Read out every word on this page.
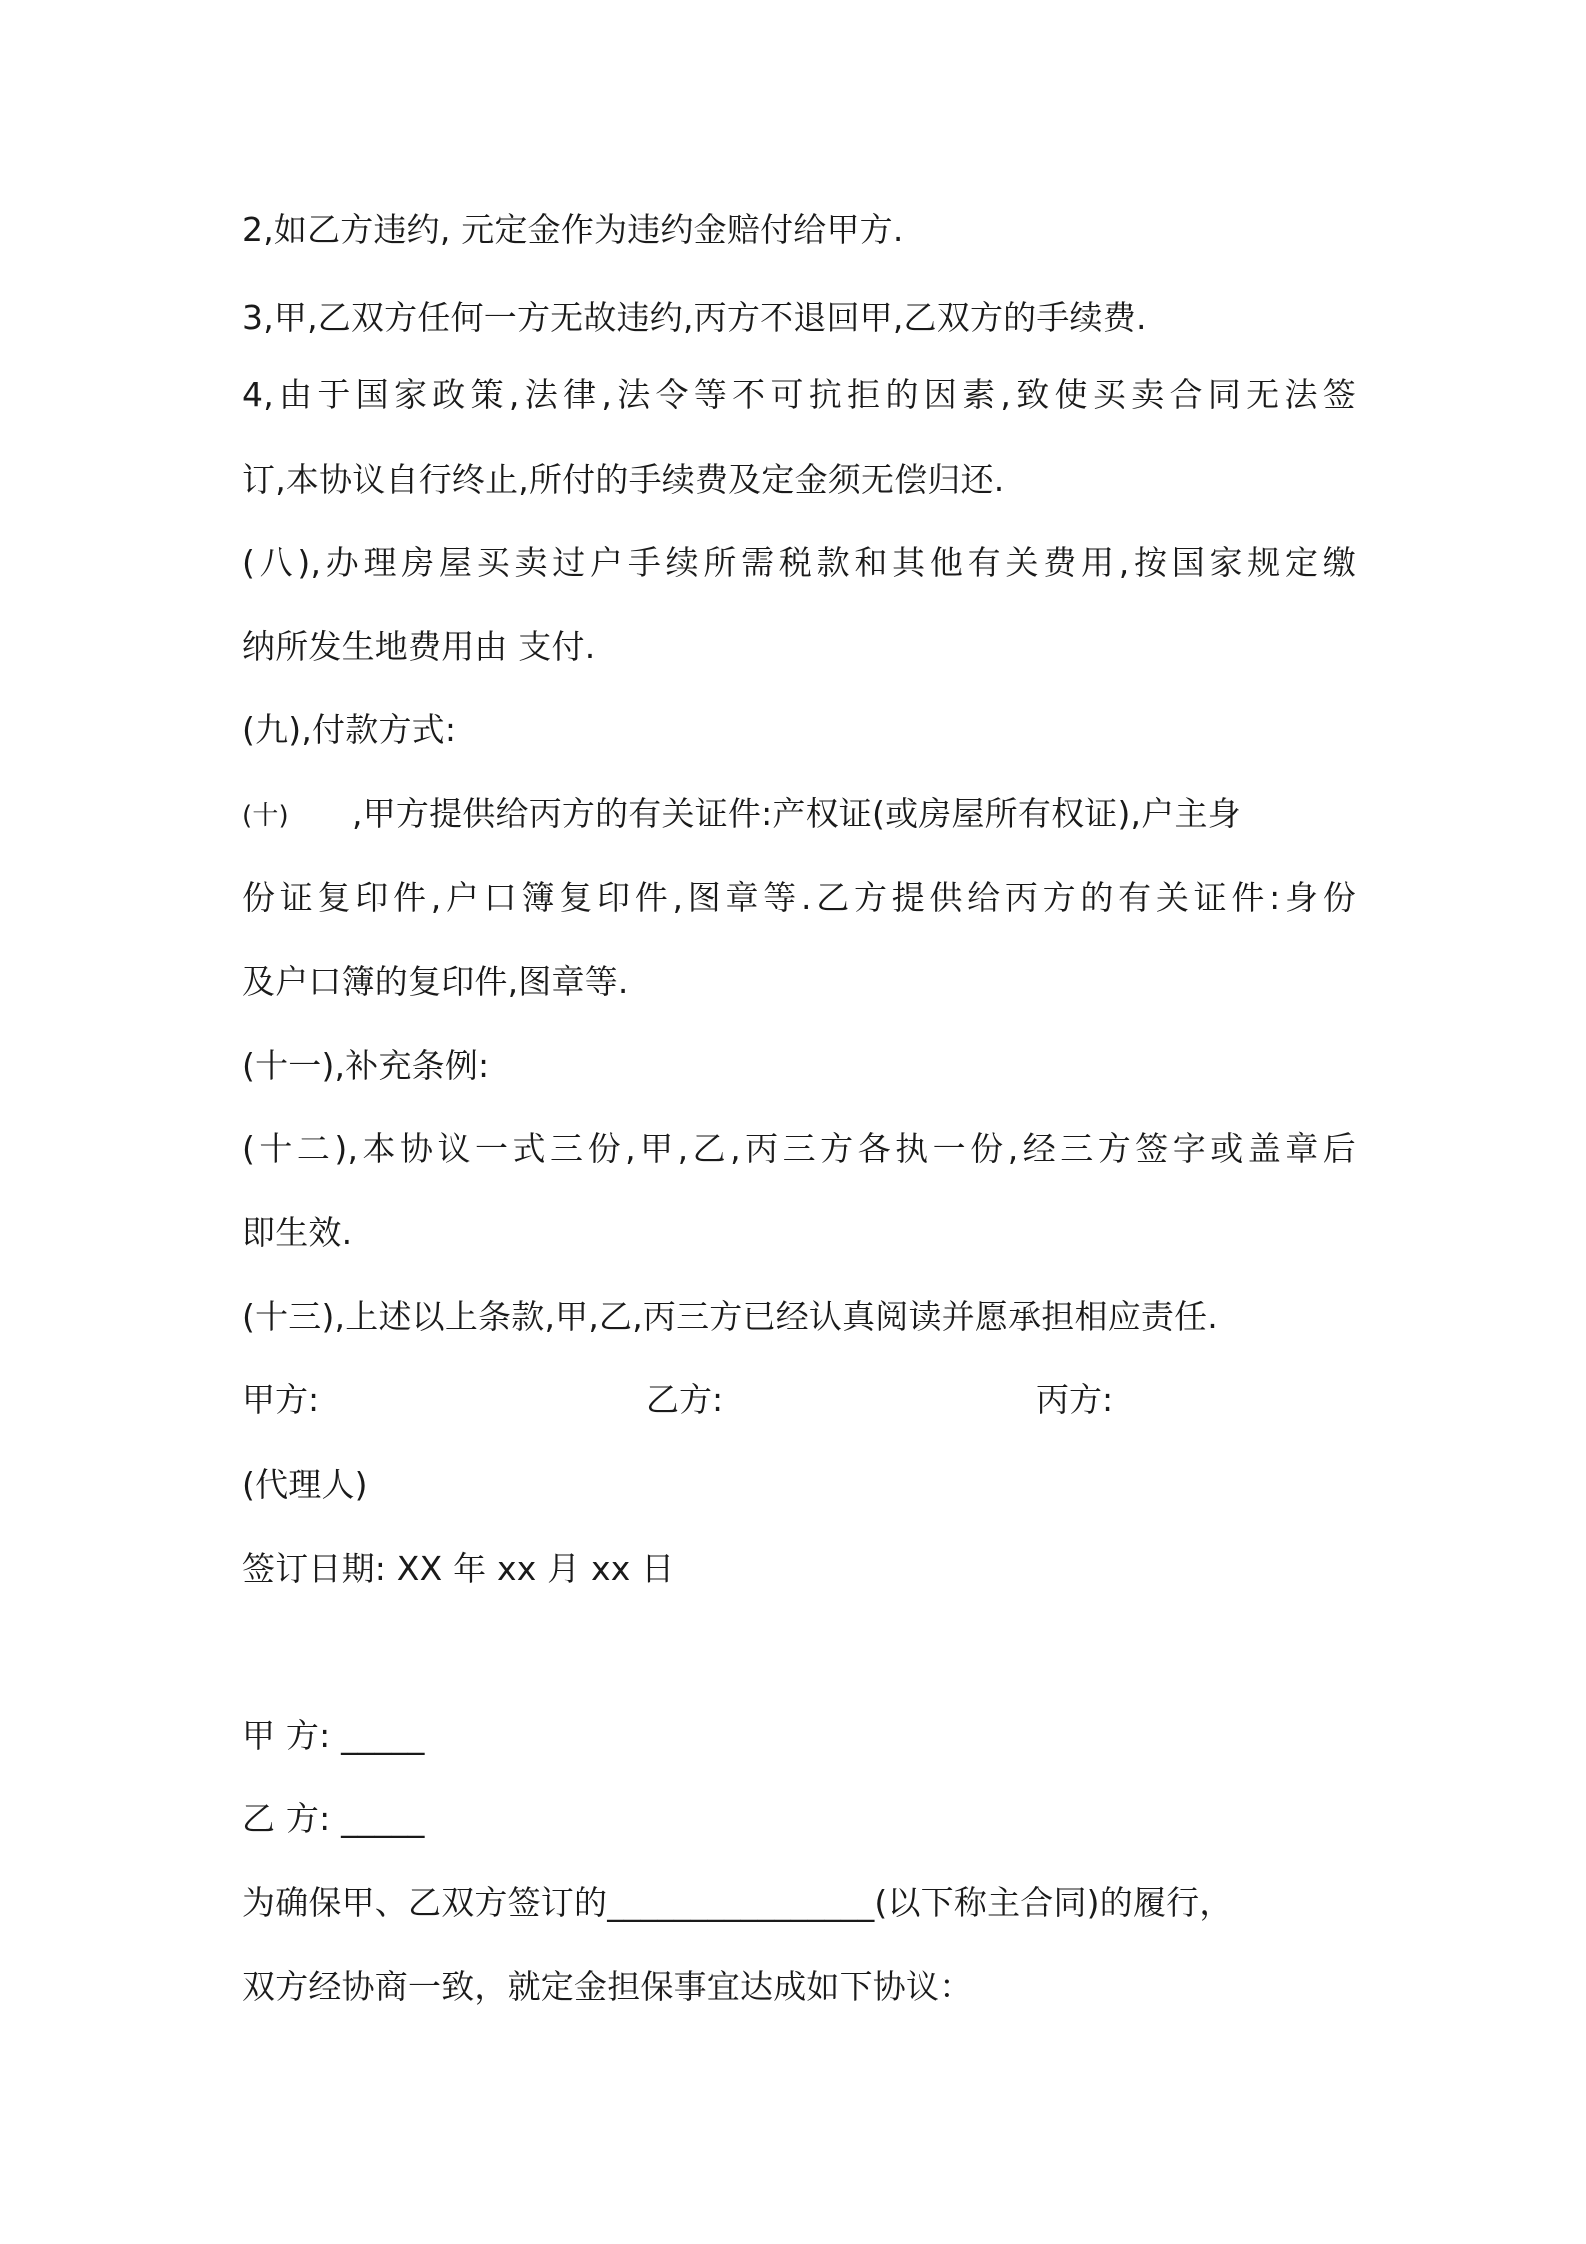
2,如乙方违约, 元定金作为违约金赔付给甲方.

3,甲,乙双方任何一方无故违约,丙方不退回甲,乙双方的手续费.

4,由于国家政策,法律,法令等不可抗拒的因素,致使买卖合同无法签

订,本协议自行终止,所付的手续费及定金须无偿归还.

(八),办理房屋买卖过户手续所需税款和其他有关费用,按国家规定缴

纳所发生地费用由 支付.

(九),付款方式:

(十) ,甲方提供给丙方的有关证件:产权证(或房屋所有权证),户主身

份证复印件,户口簿复印件,图章等.乙方提供给丙方的有关证件:身份

及户口簿的复印件,图章等.

(十一),补充条例:

(十二),本协议一式三份,甲,乙,丙三方各执一份,经三方签字或盖章后

即生效.

(十三),上述以上条款,甲,乙,丙三方已经认真阅读并愿承担相应责任.

甲方:	乙方:	丙方:

(代理人)

签订日期: XX 年 xx 月 xx 日

甲 方: _____

乙 方: _____

为确保甲、乙双方签订的________________(以下称主合同)的履行，

双方经协商一致，就定金担保事宜达成如下协议：
